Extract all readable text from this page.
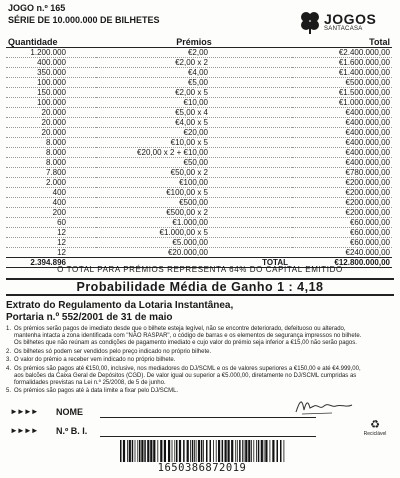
JOGO n.º 165
SÉRIE DE 10.000.000 DE BILHETES	JOGOS
SANTACASA
Quantidade	Prémios	Total
1.200.000	€2,00	€2.400.000,00
400.000	€2,00 x 2	€1.600.000,00
350.000	€4,00	€1.400.000,00
100.000	€5,00	€500.000,00
150.000	€2,00 x 5	€1.500.000,00
100.000	€10,00	€1.000.000,00
20.000	€5,00 x 4	€400.000,00
20.000	€4,00 x 5	€400.000,00
20.000	€20,00	€400.000,00
8.000	€10,00 x 5	€400.000,00
8.000	€20,00 x 2 + €10,00	€400.000,00
8.000	€50,00	€400.000,00
7.800	€50,00 x 2	€780.000,00
2.000	€100,00	€200.000,00
400	€100,00 x 5	€200.000,00
400	€500,00	€200.000,00
200	€500,00 x 2	€200.000,00
60	€1.000,00	€60.000,00
12	€1.000,00 x 5	€60.000,00
12	€5.000,00	€60.000,00
12	€20.000,00	€240.000,00
2.394.896	TOTAL	€12.800.000,00
O TOTAL PARA PRÉMIOS REPRESENTA 64% DO CAPITAL EMITIDO
Probabilidade Média de Ganho 1 : 4,18
Extrato do Regulamento da Lotaria Instantânea,
Portaria n.º 552/2001 de 31 de maio

1. Os prémios serão pagos de imediato desde que o bilhete esteja legível, não se encontre deteriorado, defeituoso ou alterado,
mantenha intacta a zona identificada com "NÃO RASPAR", o código de barras e os elementos de segurança impressos no bilhete.
Os bilhetes que não reúnam as condições de pagamento imediato e cujo valor do prémio seja inferior a €15,00 não serão pagos.

2. Os bilhetes só podem ser vendidos pelo preço indicado no próprio bilhete.

3. O valor do prémio a receber vem indicado no próprio bilhete.

4. Os prémios são pagos até €150,00, inclusive, nos mediadores do DJ/SCML e os de valores superiores a €150,00 e até €4.999,00,
aos balcões da Caixa Geral de Depósitos (CGD). De valor igual ou superior a €5.000,00, diretamente no DJ/SCML cumpridas as
formalidades previstas na Lei n.º 25/2008, de 5 de junho.

5. Os prémios são pagos até à data limite a fixar pelo DJ/SCML.

►►►► NOME
►►►► N.º B. I.	♻
Reciclável
1650386872019
